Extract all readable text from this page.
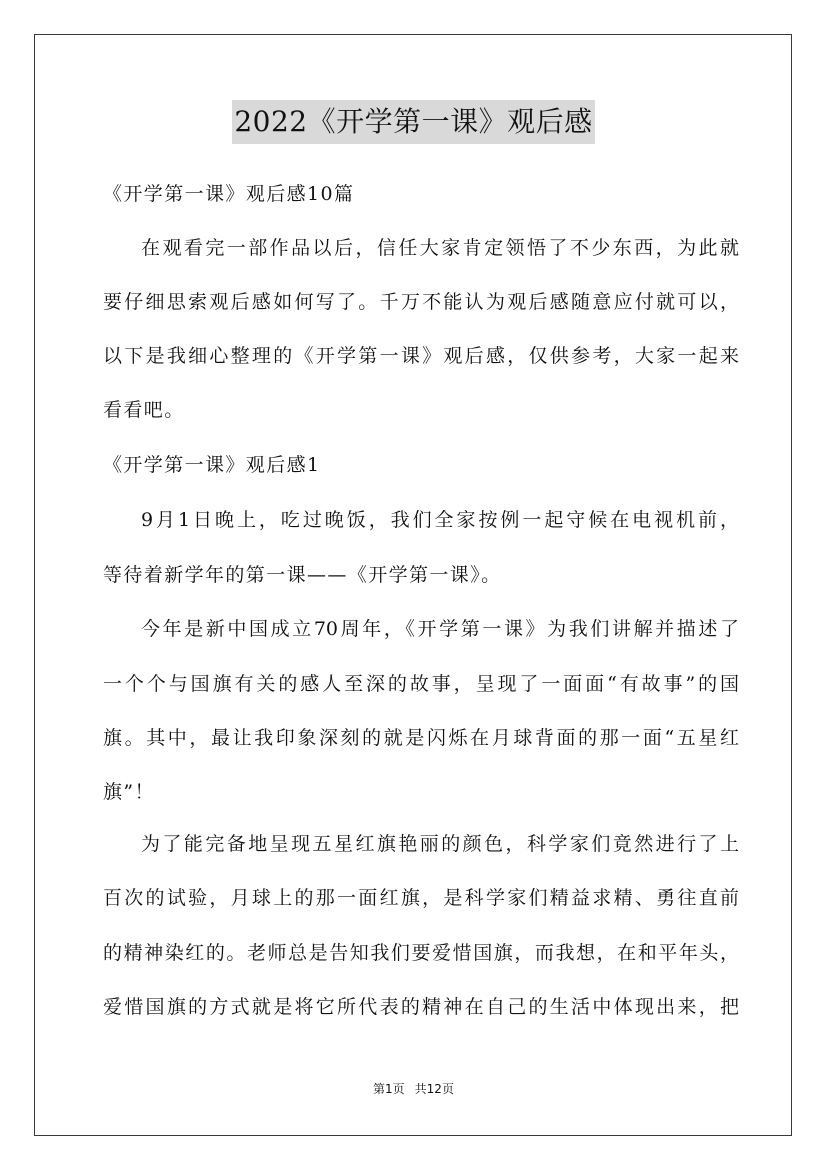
2022《开学第一课》观后感
《开学第一课》观后感10篇
在观看完一部作品以后，信任大家肯定领悟了不少东西，为此就
要仔细思索观后感如何写了。千万不能认为观后感随意应付就可以，
以下是我细心整理的《开学第一课》观后感，仅供参考，大家一起来
看看吧。
《开学第一课》观后感1
9月1日晚上，吃过晚饭，我们全家按例一起守候在电视机前，
等待着新学年的第一课——《开学第一课》。
今年是新中国成立70周年，《开学第一课》为我们讲解并描述了
一个个与国旗有关的感人至深的故事，呈现了一面面“有故事”的国
旗。其中，最让我印象深刻的就是闪烁在月球背面的那一面“五星红
旗”！
为了能完备地呈现五星红旗艳丽的颜色，科学家们竟然进行了上
百次的试验，月球上的那一面红旗，是科学家们精益求精、勇往直前
的精神染红的。老师总是告知我们要爱惜国旗，而我想，在和平年头，
爱惜国旗的方式就是将它所代表的精神在自己的生活中体现出来，把
第1页 共12页
